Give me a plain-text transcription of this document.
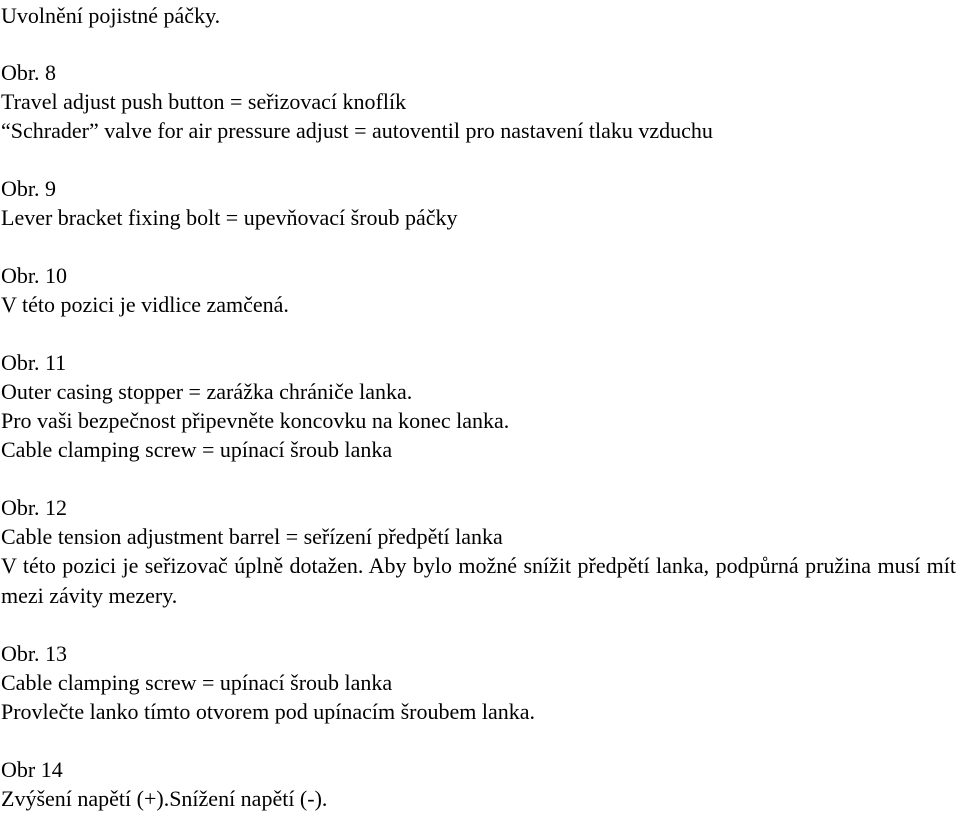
Uvolnění pojistné páčky.
Obr. 8
Travel adjust push button = seřizovací knoflík
“Schrader” valve for air pressure adjust = autoventil pro nastavení tlaku vzduchu
Obr. 9
Lever bracket fixing bolt = upevňovací šroub páčky
Obr. 10
V této pozici je vidlice zamčená.
Obr. 11
Outer casing stopper = zarážka chrániče lanka.
Pro vaši bezpečnost připevněte koncovku na konec lanka.
Cable clamping screw = upínací šroub lanka
Obr. 12
Cable tension adjustment barrel = seřízení předpětí lanka
V této pozici je seřizovač úplně dotažen. Aby bylo možné snížit předpětí lanka, podpůrná pružina musí mít mezi závity mezery.
Obr. 13
Cable clamping screw = upínací šroub lanka
Provlečte lanko tímto otvorem pod upínacím šroubem lanka.
Obr 14
Zvýšení napětí (+).Snížení napětí (-).
